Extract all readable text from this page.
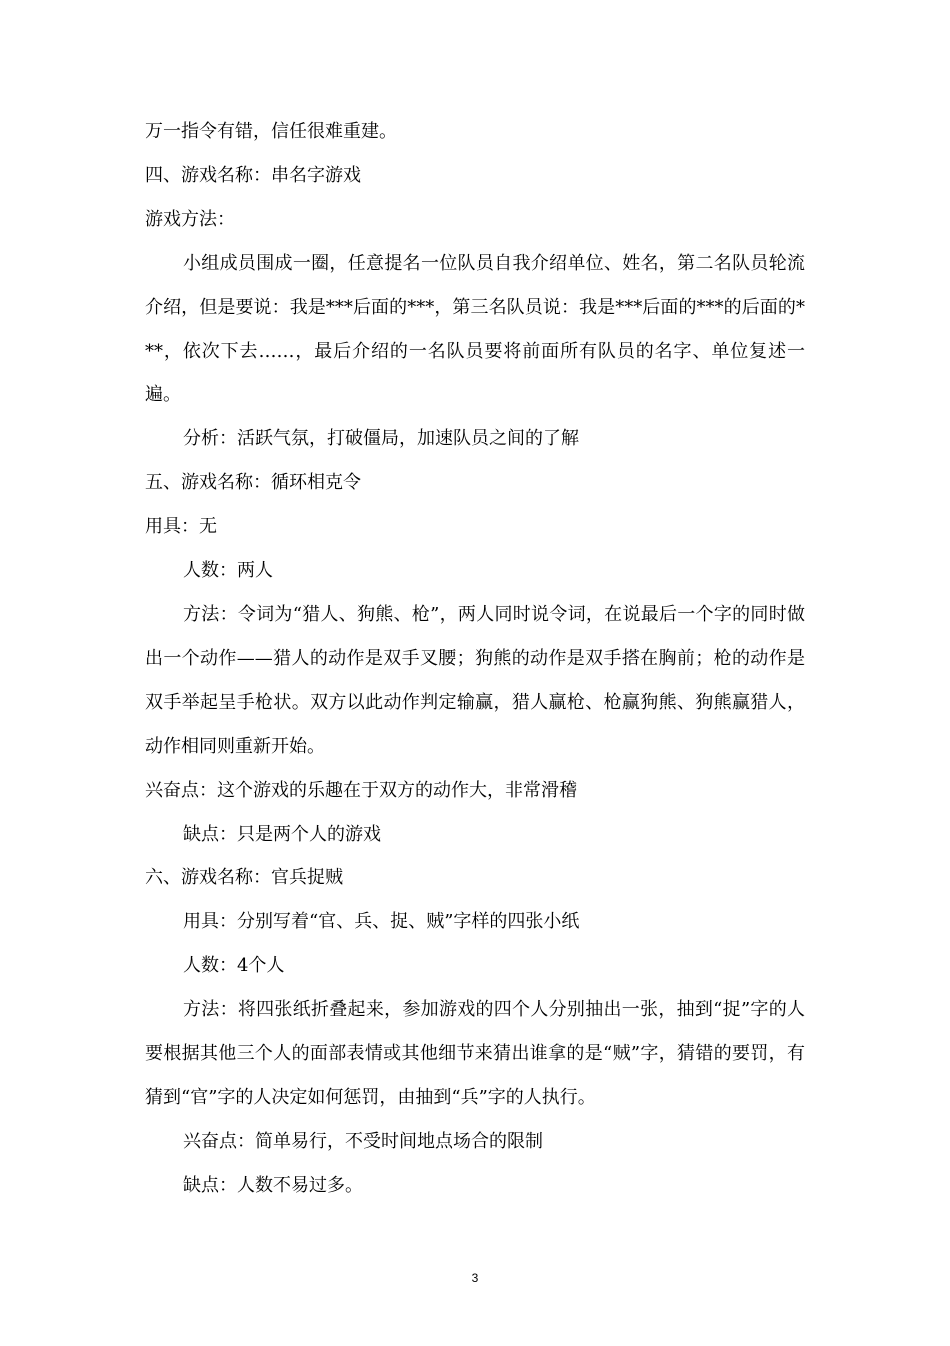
万一指令有错，信任很难重建。

四、游戏名称：串名字游戏

游戏方法：

小组成员围成一圈，任意提名一位队员自我介绍单位、姓名，第二名队员轮流介绍，但是要说：我是***后面的***，第三名队员说：我是***后面的***的后面的***，依次下去……，最后介绍的一名队员要将前面所有队员的名字、单位复述一遍。

分析：活跃气氛，打破僵局，加速队员之间的了解

五、游戏名称：循环相克令

用具：无

人数：两人

方法：令词为“猎人、狗熊、枪”，两人同时说令词，在说最后一个字的同时做出一个动作——猎人的动作是双手叉腰；狗熊的动作是双手搭在胸前；枪的动作是双手举起呈手枪状。双方以此动作判定输赢，猎人赢枪、枪赢狗熊、狗熊赢猎人，动作相同则重新开始。

兴奋点：这个游戏的乐趣在于双方的动作大，非常滑稽

缺点：只是两个人的游戏

六、游戏名称：官兵捉贼

用具：分别写着“官、兵、捉、贼”字样的四张小纸

人数：4个人

方法：将四张纸折叠起来，参加游戏的四个人分别抽出一张，抽到“捉”字的人要根据其他三个人的面部表情或其他细节来猜出谁拿的是“贼”字，猜错的要罚，有猜到“官”字的人决定如何惩罚，由抽到“兵”字的人执行。

兴奋点：简单易行，不受时间地点场合的限制

缺点：人数不易过多。

3
